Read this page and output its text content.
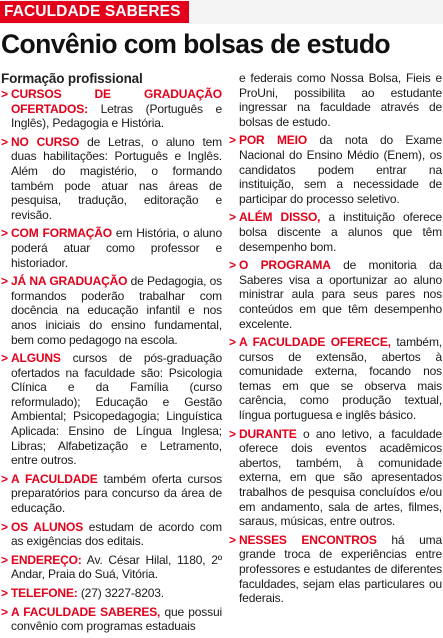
FACULDADE SABERES
Convênio com bolsas de estudo
Formação profissional
> CURSOS DE GRADUAÇÃO OFERTADOS: Letras (Português e Inglês), Pedagogia e História.
> NO CURSO de Letras, o aluno tem duas habilitações: Português e Inglês. Além do magistério, o formando também pode atuar nas áreas de pesquisa, tradução, editoração e revisão.
> COM FORMAÇÃO em História, o aluno poderá atuar como professor e historiador.
> JÁ NA GRADUAÇÃO de Pedagogia, os formandos poderão trabalhar com docência na educação infantil e nos anos iniciais do ensino fundamental, bem como pedagogo na escola.
> ALGUNS cursos de pós-graduação ofertados na faculdade são: Psicologia Clínica e da Família (curso reformulado); Educação e Gestão Ambiental; Psicopedagogia; Linguística Aplicada: Ensino de Língua Inglesa; Libras; Alfabetização e Letramento, entre outros.
> A FACULDADE também oferta cursos preparatórios para concurso da área de educação.
> OS ALUNOS estudam de acordo com as exigências dos editais.
> ENDEREÇO: Av. César Hilal, 1180, 2º Andar, Praia do Suá, Vitória.
> TELEFONE: (27) 3227-8203.
> A FACULDADE SABERES, que possui convênio com programas estaduais
e federais como Nossa Bolsa, Fieis e ProUni, possibilita ao estudante ingressar na faculdade através de bolsas de estudo.
> POR MEIO da nota do Exame Nacional do Ensino Médio (Enem), os candidatos podem entrar na instituição, sem a necessidade de participar do processo seletivo.
> ALÉM DISSO, a instituição oferece bolsa discente a alunos que têm desempenho bom.
> O PROGRAMA de monitoria da Saberes visa a oportunizar ao aluno ministrar aula para seus pares nos conteúdos em que têm desempenho excelente.
> A FACULDADE OFERECE, também, cursos de extensão, abertos à comunidade externa, focando nos temas em que se observa mais carência, como produção textual, língua portuguesa e inglês básico.
> DURANTE o ano letivo, a faculdade oferece dois eventos acadêmicos abertos, também, à comunidade externa, em que são apresentados trabalhos de pesquisa concluídos e/ou em andamento, sala de artes, filmes, saraus, músicas, entre outros.
> NESSES ENCONTROS há uma grande troca de experiências entre professores e estudantes de diferentes faculdades, sejam elas particulares ou federais.
